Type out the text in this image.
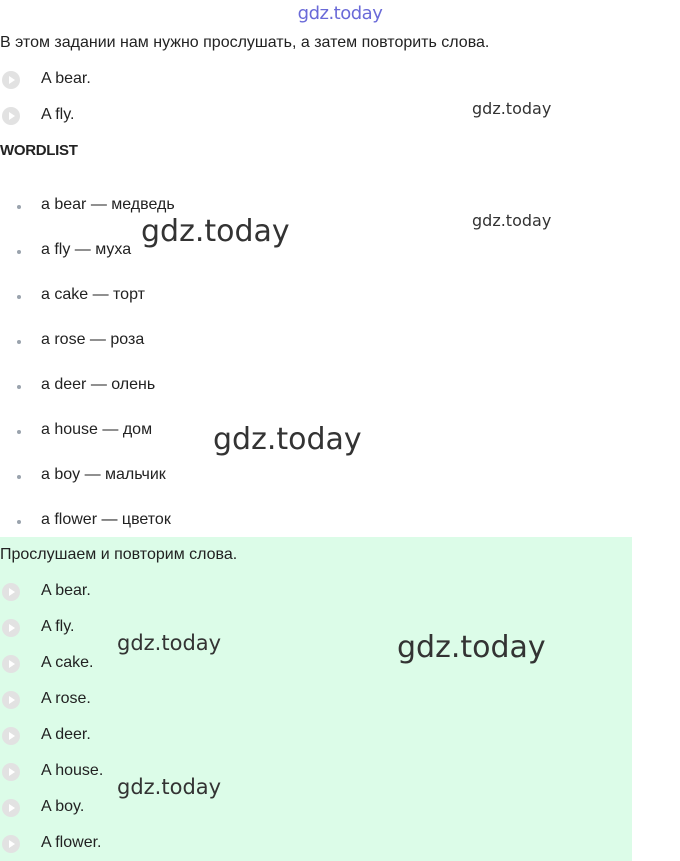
gdz.today
В этом задании нам нужно прослушать, а затем повторить слова.
A bear.
A fly.
WORDLIST
a bear — медведь
a fly — муха
a cake — торт
a rose — роза
a deer — олень
a house — дом
a boy — мальчик
a flower — цветок
Прослушаем и повторим слова.
A bear.
A fly.
A cake.
A rose.
A deer.
A house.
A boy.
A flower.
gdz.today
gdz.today
gdz.today
gdz.today
gdz.today	gdz.today
gdz.today
